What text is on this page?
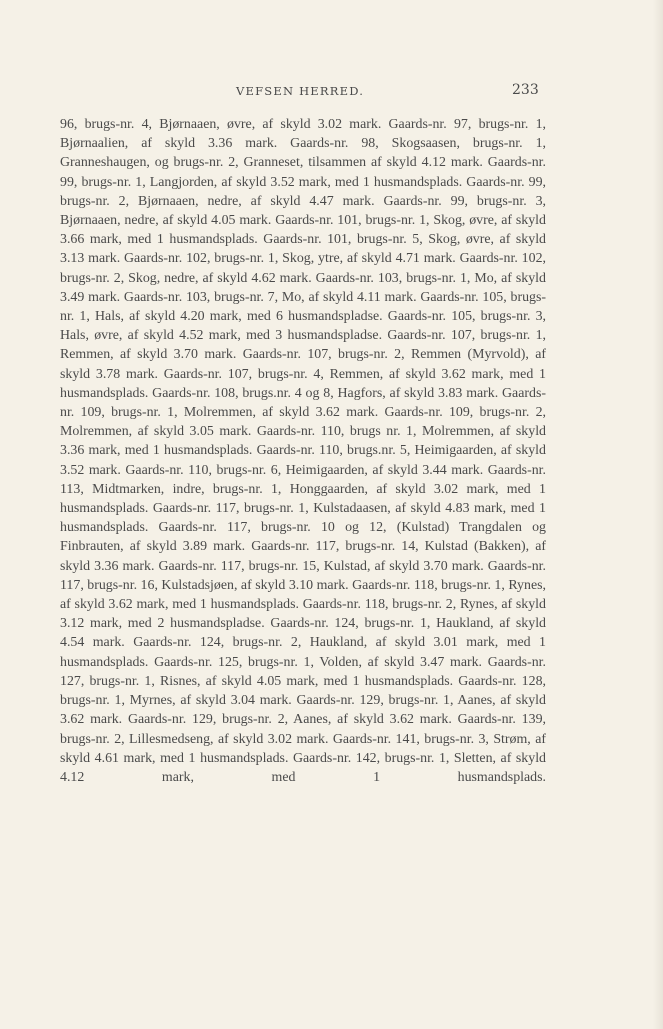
VEFSEN HERRED.	233

96, brugs-nr. 4, Bjørnaaen, øvre, af skyld 3.02 mark. Gaards-nr. 97, brugs-nr. 1, Bjørnaalien, af skyld 3.36 mark. Gaards-nr. 98, Skogsaasen, brugs-nr. 1, Granneshaugen, og brugs-nr. 2, Granneset, tilsammen af skyld 4.12 mark. Gaards-nr. 99, brugs-nr. 1, Langjorden, af skyld 3.52 mark, med 1 husmandsplads. Gaards-nr. 99, brugs-nr. 2, Bjørnaaen, nedre, af skyld 4.47 mark. Gaards-nr. 99, brugs-nr. 3, Bjørnaaen, nedre, af skyld 4.05 mark. Gaards-nr. 101, brugs-nr. 1, Skog, øvre, af skyld 3.66 mark, med 1 husmandsplads. Gaards-nr. 101, brugs-nr. 5, Skog, øvre, af skyld 3.13 mark. Gaards-nr. 102, brugs-nr. 1, Skog, ytre, af skyld 4.71 mark. Gaards-nr. 102, brugs-nr. 2, Skog, nedre, af skyld 4.62 mark. Gaards-nr. 103, brugs-nr. 1, Mo, af skyld 3.49 mark. Gaards-nr. 103, brugs-nr. 7, Mo, af skyld 4.11 mark. Gaards-nr. 105, brugs-nr. 1, Hals, af skyld 4.20 mark, med 6 husmandspladse. Gaards-nr. 105, brugs-nr. 3, Hals, øvre, af skyld 4.52 mark, med 3 husmandspladse. Gaards-nr. 107, brugs-nr. 1, Remmen, af skyld 3.70 mark. Gaards-nr. 107, brugs-nr. 2, Remmen (Myrvold), af skyld 3.78 mark. Gaards-nr. 107, brugs-nr. 4, Remmen, af skyld 3.62 mark, med 1 husmandsplads. Gaards-nr. 108, brugs.nr. 4 og 8, Hagfors, af skyld 3.83 mark. Gaards-nr. 109, brugs-nr. 1, Molremmen, af skyld 3.62 mark. Gaards-nr. 109, brugs-nr. 2, Molremmen, af skyld 3.05 mark. Gaards-nr. 110, brugs nr. 1, Molremmen, af skyld 3.36 mark, med 1 husmandsplads. Gaards-nr. 110, brugs.nr. 5, Heimigaarden, af skyld 3.52 mark. Gaards-nr. 110, brugs-nr. 6, Heimigaarden, af skyld 3.44 mark. Gaards-nr. 113, Midtmarken, indre, brugs-nr. 1, Honggaarden, af skyld 3.02 mark, med 1 husmandsplads. Gaards-nr. 117, brugs-nr. 1, Kulstadaasen, af skyld 4.83 mark, med 1 husmandsplads. Gaards-nr. 117, brugs-nr. 10 og 12, (Kulstad) Trangdalen og Finbrauten, af skyld 3.89 mark. Gaards-nr. 117, brugs-nr. 14, Kulstad (Bakken), af skyld 3.36 mark. Gaards-nr. 117, brugs-nr. 15, Kulstad, af skyld 3.70 mark. Gaards-nr. 117, brugs-nr. 16, Kulstadsjøen, af skyld 3.10 mark. Gaards-nr. 118, brugs-nr. 1, Rynes, af skyld 3.62 mark, med 1 husmandsplads. Gaards-nr. 118, brugs-nr. 2, Rynes, af skyld 3.12 mark, med 2 husmandspladse. Gaards-nr. 124, brugs-nr. 1, Haukland, af skyld 4.54 mark. Gaards-nr. 124, brugs-nr. 2, Haukland, af skyld 3.01 mark, med 1 husmandsplads. Gaards-nr. 125, brugs-nr. 1, Volden, af skyld 3.47 mark. Gaards-nr. 127, brugs-nr. 1, Risnes, af skyld 4.05 mark, med 1 husmandsplads. Gaards-nr. 128, brugs-nr. 1, Myrnes, af skyld 3.04 mark. Gaards-nr. 129, brugs-nr. 1, Aanes, af skyld 3.62 mark. Gaards-nr. 129, brugs-nr. 2, Aanes, af skyld 3.62 mark. Gaards-nr. 139, brugs-nr. 2, Lillesmedseng, af skyld 3.02 mark. Gaards-nr. 141, brugs-nr. 3, Strøm, af skyld 4.61 mark, med 1 husmandsplads. Gaards-nr. 142, brugs-nr. 1, Sletten, af skyld 4.12 mark, med 1 husmandsplads.
